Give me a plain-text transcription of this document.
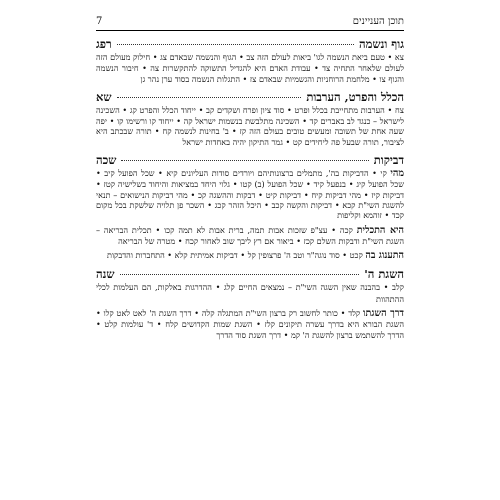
7	תוכן העניינים
גוף ונשמה
רפג

צא • טעם ביאת הנשמה לגו' ביאות לעולם הזה צב • הגוף והנשמה שבאדם צג • חילוק מעולם הזה לעולם שלאחר התחיה צד • עבודת האדם היא להגדיל התשוקה להתקשרות צה • חיבור הנשמה והגוף צו • מלחמת הרוחניות והגשמיות שבאדם צז • התגלות הנשמה בסוד ערן נהר גן

הכלל והפרט, הערבות
שא

צח • הערבות מתחייבת בכלל ופרט • סוד ציון ופרח ושקדים קב • ייחוד הכלל והפרט קג • השכינה לישראל – כנגד לב באברים קד • השכינה מתלבשת בנשמות ישראל קה • ייחוד קו ורשימו קו • יפה שעה אחת של תשובה ומעשים טובים בעולם הזה קז • ב' בחינות לנשמה קח • תורה שבכתב היא לציבור, תורה שבעל פה ליחידים קט • גמר התיקון יהיה באחדות ישראל

דביקות
שכה

מהי קי • הדביקות בה', מתמלים ברצונותיהם ויורדים סודות העליונים קיא • שכל הפועל קיב • שכל הפועל קיג • בנפעל קיד • שכל הפועל (ב) קטו • גלוי היחד במציאות והיחוד בשלישיה קטז • דביקות קיז • מהי דביקות קיח • דביקות קיט • דבקות וההשגה קכ • מהי דביקות הנישואים – תנאי להשגת השי"ת קכא • דביקות והקשה קכב • היכל הזהר קכג • השכר פן תלויה שלשקת בכל מקום קכד • זוהמא וקליפות

היא התכלית קכה • עצ"פ שזכות אבות תמה, ברית אבות לא תמה קכו • תכלית הבריאה – השגת השי"ת ודבקות השלם קכז • ביאור אם רץ ליבך שוב לאחור קכח • מטרה של הבריאה

התענוג בה קכט • סוד נוגה"ר וטב ה' פרצופין קל • דביקות אמיתית קלא • התחברות והדבקות

השגת ה'
שנה

קלב • בהבנה שאין השגה השי"ת – נמצאים החיים קלג • ההדרגות באלקות, הם העלמות לכלי ההתהוות

דרך השגתו קלד • כותר לחשוב רק ברצון השי"ת המתגלה קלה • דרך השגת ה' לאט לאט קלו • השגת הבורא היא בדרך עשרה תיקונים קלז • השגת שמות הקדושים קלח • ד' עולמות קלט • הדרך להשתמש ברצון להשגת ה' קמ • דרך השגת סוד הדרך
